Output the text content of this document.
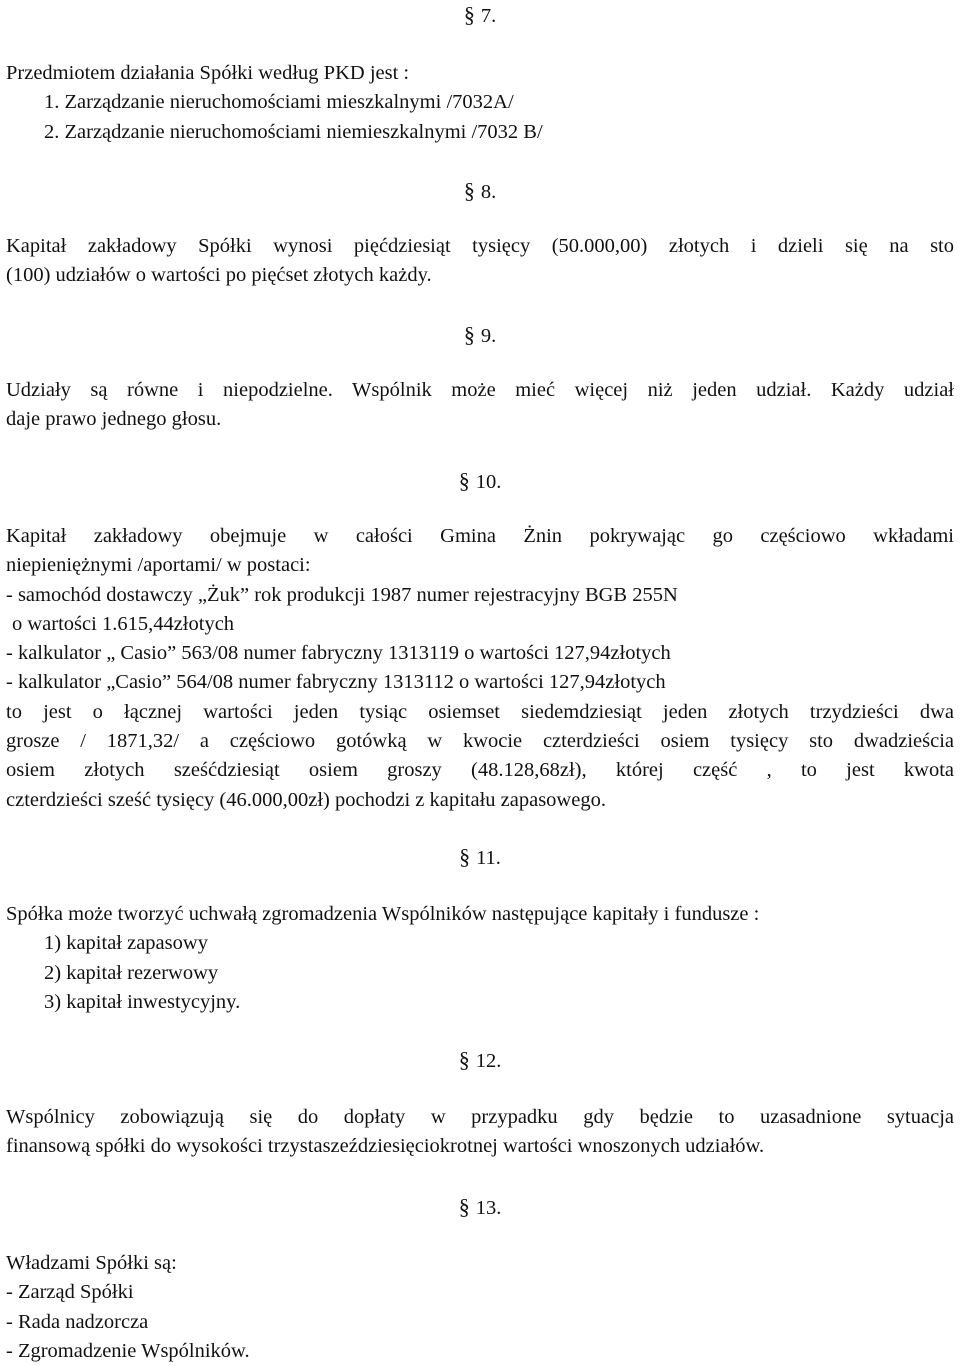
§ 7.
Przedmiotem działania Spółki według PKD jest :
1. Zarządzanie nieruchomościami mieszkalnymi /7032A/
2. Zarządzanie nieruchomościami niemieszkalnymi /7032 B/
§ 8.
Kapitał zakładowy Spółki wynosi pięćdziesiąt tysięcy (50.000,00) złotych i dzieli się na sto
(100) udziałów o wartości po pięćset złotych każdy.
§ 9.
Udziały są równe i niepodzielne. Wspólnik może mieć więcej niż jeden udział. Każdy udział
daje prawo jednego głosu.
§ 10.
Kapitał zakładowy obejmuje w całości Gmina Żnin pokrywając go częściowo wkładami
niepieniężnymi /aportami/ w postaci:
- samochód dostawczy „Żuk” rok produkcji 1987 numer rejestracyjny BGB 255N
o wartości 1.615,44złotych
- kalkulator „ Casio” 563/08 numer fabryczny 1313119 o wartości 127,94złotych
- kalkulator „Casio” 564/08 numer fabryczny 1313112 o wartości 127,94złotych
to jest o łącznej wartości jeden tysiąc osiemset siedemdziesiąt jeden złotych trzydzieści dwa
grosze / 1871,32/ a częściowo gotówką w kwocie czterdzieści osiem tysięcy sto dwadzieścia
osiem złotych sześćdziesiąt osiem groszy (48.128,68zł), której część , to jest kwota
czterdzieści sześć tysięcy (46.000,00zł) pochodzi z kapitału zapasowego.
§ 11.
Spółka może tworzyć uchwałą zgromadzenia Wspólników następujące kapitały i fundusze :
1) kapitał zapasowy
2) kapitał rezerwowy
3) kapitał inwestycyjny.
§ 12.
Wspólnicy zobowiązują się do dopłaty w przypadku gdy będzie to uzasadnione sytuacja
finansową spółki do wysokości trzystaszeździesięciokrotnej wartości wnoszonych udziałów.
§ 13.
Władzami Spółki są:
- Zarząd Spółki
- Rada nadzorcza
- Zgromadzenie Wspólników.
